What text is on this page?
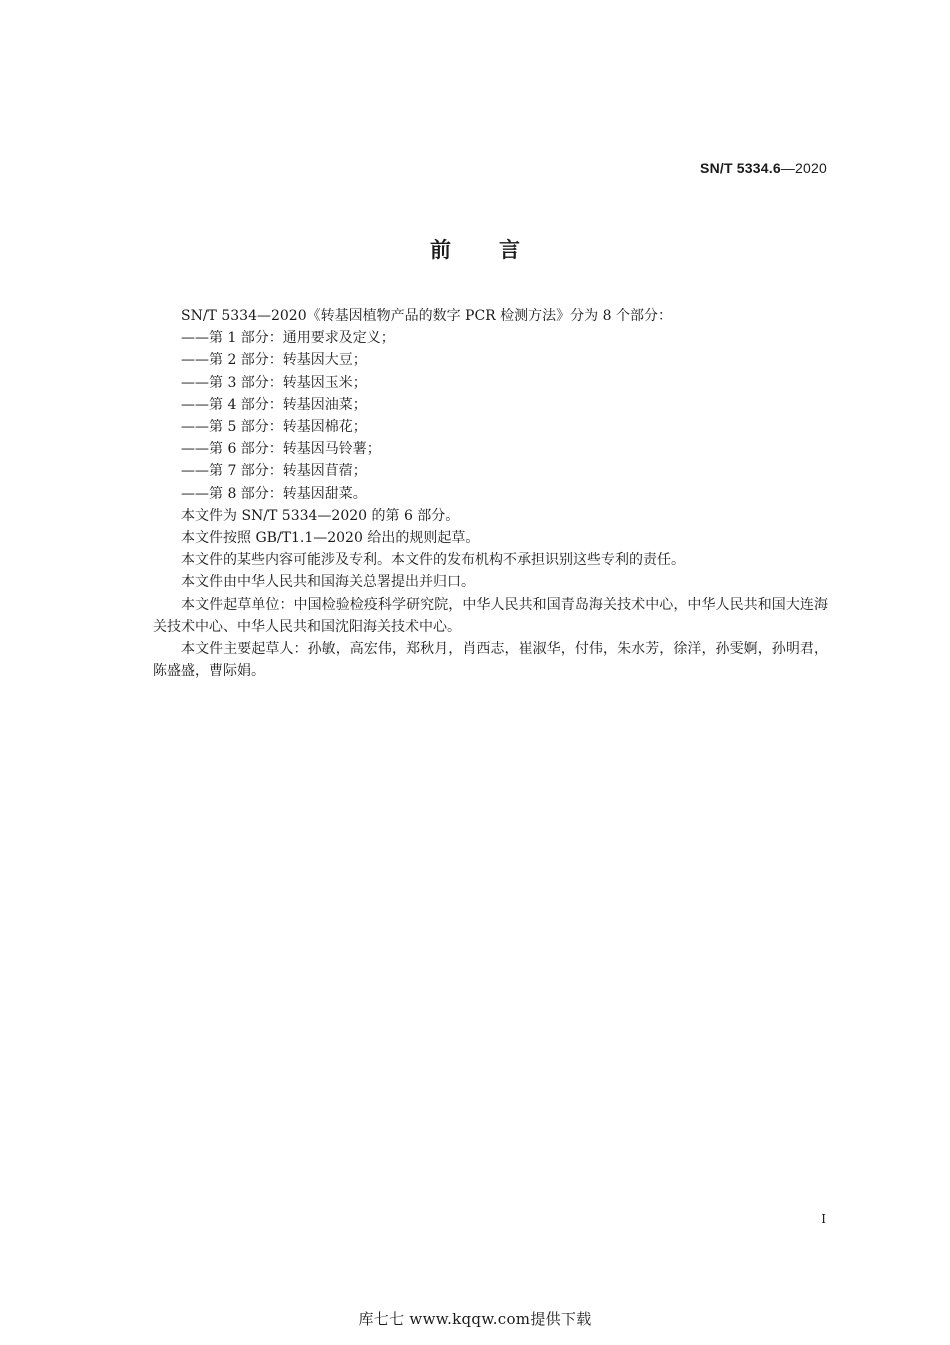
SN/T 5334.6—2020
前 言

SN/T 5334—2020《转基因植物产品的数字 PCR 检测方法》分为 8 个部分：

——第 1 部分：通用要求及定义；

——第 2 部分：转基因大豆；

——第 3 部分：转基因玉米；

——第 4 部分：转基因油菜；

——第 5 部分：转基因棉花；

——第 6 部分：转基因马铃薯；

——第 7 部分：转基因苜蓿；

——第 8 部分：转基因甜菜。

本文件为 SN/T 5334—2020 的第 6 部分。

本文件按照 GB/T1.1—2020 给出的规则起草。

本文件的某些内容可能涉及专利。本文件的发布机构不承担识别这些专利的责任。

本文件由中华人民共和国海关总署提出并归口。

本文件起草单位：中国检验检疫科学研究院，中华人民共和国青岛海关技术中心，中华人民共和国大连海关技术中心、中华人民共和国沈阳海关技术中心。

本文件主要起草人：孙敏，高宏伟，郑秋月，肖西志，崔淑华，付伟，朱水芳，徐洋，孙雯婀，孙明君，陈盛盛，曹际娟。

I
库七七 www.kqqw.com提供下载
